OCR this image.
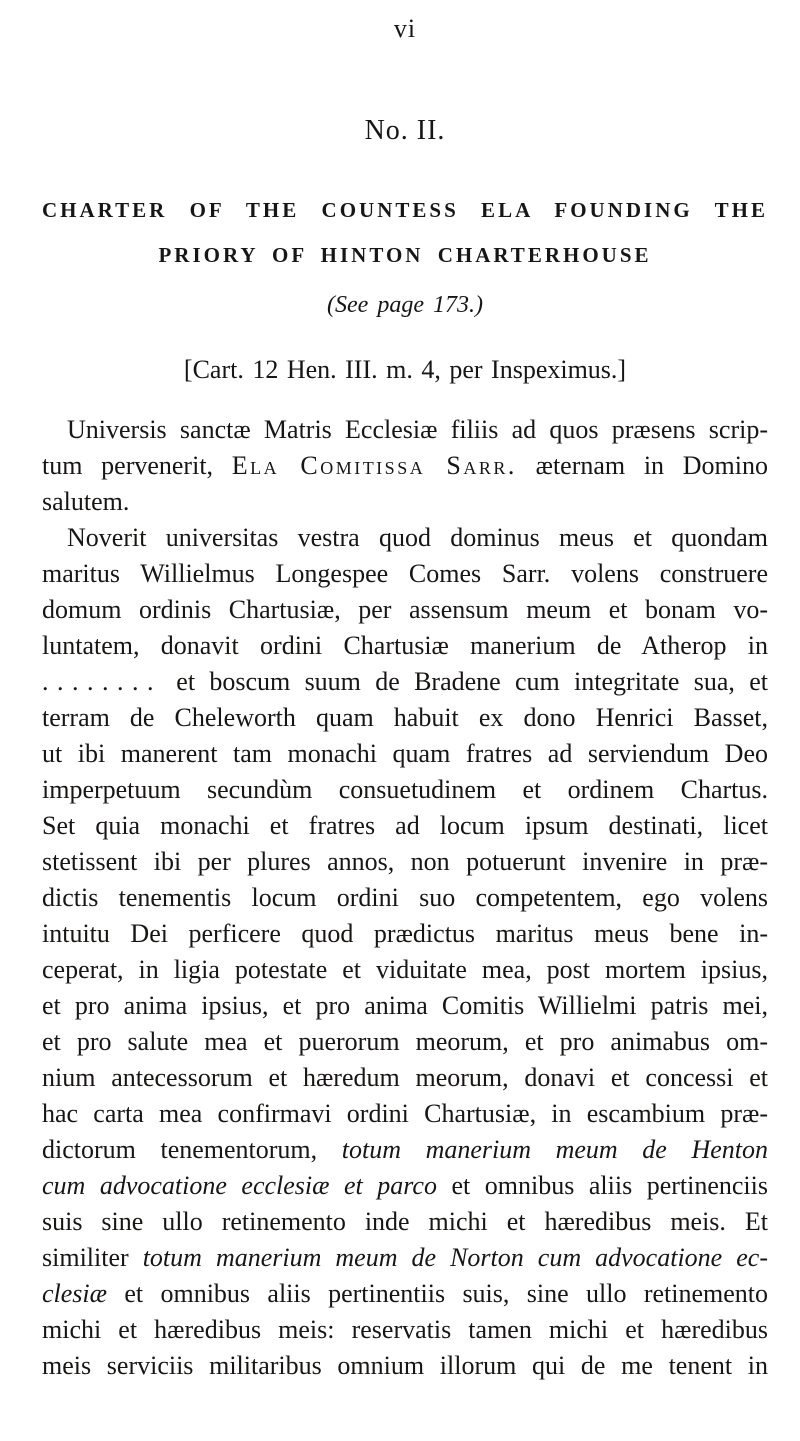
vi
No. II.
CHARTER OF THE COUNTESS ELA FOUNDING THE
PRIORY OF HINTON CHARTERHOUSE
(See page 173.)
[Cart. 12 Hen. III. m. 4, per Inspeximus.]
Universis sanctæ Matris Ecclesiæ filiis ad quos præsens scrip-
tum pervenerit, Ela Comitissa Sarr. æternam in Domino
salutem.
Noverit universitas vestra quod dominus meus et quondam
maritus Willielmus Longespee Comes Sarr. volens construere
domum ordinis Chartusiæ, per assensum meum et bonam vo-
luntatem, donavit ordini Chartusiæ manerium de Atherop in
........ et boscum suum de Bradene cum integritate sua, et
terram de Cheleworth quam habuit ex dono Henrici Basset,
ut ibi manerent tam monachi quam fratres ad serviendum Deo
imperpetuum secundùm consuetudinem et ordinem Chartus.
Set quia monachi et fratres ad locum ipsum destinati, licet
stetissent ibi per plures annos, non potuerunt invenire in præ-
dictis tenementis locum ordini suo competentem, ego volens
intuitu Dei perficere quod prædictus maritus meus bene in-
ceperat, in ligia potestate et viduitate mea, post mortem ipsius,
et pro anima ipsius, et pro anima Comitis Willielmi patris mei,
et pro salute mea et puerorum meorum, et pro animabus om-
nium antecessorum et hæredum meorum, donavi et concessi et
hac carta mea confirmavi ordini Chartusiæ, in escambium præ-
dictorum tenementorum, totum manerium meum de Henton
cum advocatione ecclesiæ et parco et omnibus aliis pertinenciis
suis sine ullo retinemento inde michi et hæredibus meis. Et
similiter totum manerium meum de Norton cum advocatione ec-
clesiæ et omnibus aliis pertinentiis suis, sine ullo retinemento
michi et hæredibus meis: reservatis tamen michi et hæredibus
meis serviciis militaribus omnium illorum qui de me tenent in
